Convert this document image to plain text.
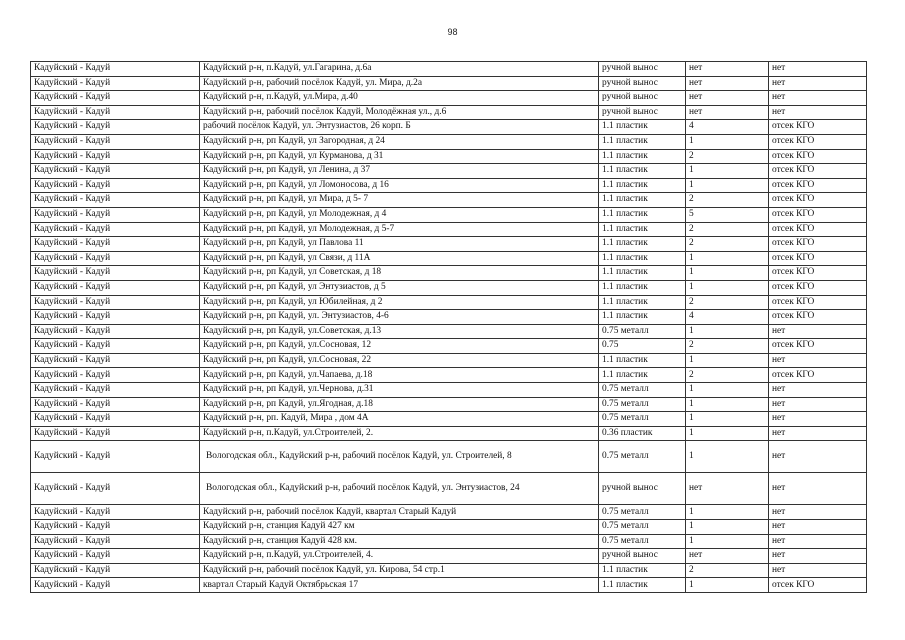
98
Кадуйский - Кадуй	Кадуйский р-н, п.Кадуй, ул.Гагарина, д.6а	ручной вынос	нет	нет
Кадуйский - Кадуй	Кадуйский р-н, рабочий посёлок Кадуй, ул. Мира, д.2а	ручной вынос	нет	нет
Кадуйский - Кадуй	Кадуйский р-н, п.Кадуй, ул.Мира, д.40	ручной вынос	нет	нет
Кадуйский - Кадуй	Кадуйский р-н, рабочий посёлок Кадуй, Молодёжная ул., д.6	ручной вынос	нет	нет
Кадуйский - Кадуй	рабочий посёлок Кадуй, ул. Энтузиастов, 26 корп. Б	1.1 пластик	4	отсек КГО
Кадуйский - Кадуй	Кадуйский р-н, рп Кадуй, ул Загородная, д 24	1.1 пластик	1	отсек КГО
Кадуйский - Кадуй	Кадуйский р-н, рп Кадуй, ул Курманова, д 31	1.1 пластик	2	отсек КГО
Кадуйский - Кадуй	Кадуйский р-н, рп Кадуй, ул Ленина, д 37	1.1 пластик	1	отсек КГО
Кадуйский - Кадуй	Кадуйский р-н, рп Кадуй, ул Ломоносова, д 16	1.1 пластик	1	отсек КГО
Кадуйский - Кадуй	Кадуйский р-н, рп Кадуй, ул Мира, д 5- 7	1.1 пластик	2	отсек КГО
Кадуйский - Кадуй	Кадуйский р-н, рп Кадуй, ул Молодежная, д 4	1.1 пластик	5	отсек КГО
Кадуйский - Кадуй	Кадуйский р-н, рп Кадуй, ул Молодежная, д 5-7	1.1 пластик	2	отсек КГО
Кадуйский - Кадуй	Кадуйский р-н, рп Кадуй, ул Павлова 11	1.1 пластик	2	отсек КГО
Кадуйский - Кадуй	Кадуйский р-н, рп Кадуй, ул Связи, д 11А	1.1 пластик	1	отсек КГО
Кадуйский - Кадуй	Кадуйский р-н, рп Кадуй, ул Советская, д 18	1.1 пластик	1	отсек КГО
Кадуйский - Кадуй	Кадуйский р-н, рп Кадуй, ул Энтузиастов, д 5	1.1 пластик	1	отсек КГО
Кадуйский - Кадуй	Кадуйский р-н, рп Кадуй, ул Юбилейная, д 2	1.1 пластик	2	отсек КГО
Кадуйский - Кадуй	Кадуйский р-н, рп Кадуй, ул. Энтузиастов, 4-6	1.1 пластик	4	отсек КГО
Кадуйский - Кадуй	Кадуйский р-н, рп Кадуй, ул.Советская, д.13	0.75 металл	1	нет
Кадуйский - Кадуй	Кадуйский р-н, рп Кадуй, ул.Сосновая, 12	0.75	2	отсек КГО
Кадуйский - Кадуй	Кадуйский р-н, рп Кадуй, ул.Сосновая, 22	1.1 пластик	1	нет
Кадуйский - Кадуй	Кадуйский р-н, рп Кадуй, ул.Чапаева, д.18	1.1 пластик	2	отсек КГО
Кадуйский - Кадуй	Кадуйский р-н, рп Кадуй, ул.Чернова, д.31	0.75 металл	1	нет
Кадуйский - Кадуй	Кадуйский р-н, рп Кадуй, ул.Ягодная, д.18	0.75 металл	1	нет
Кадуйский - Кадуй	Кадуйский р-н, рп. Кадуй, Мира , дом 4А	0.75 металл	1	нет
Кадуйский - Кадуй	Кадуйский р-н, п.Кадуй, ул.Строителей, 2.	0.36 пластик	1	нет
Кадуйский - Кадуй	Вологодская обл., Кадуйский р-н, рабочий посёлок Кадуй, ул. Строителей, 8	0.75 металл	1	нет
Кадуйский - Кадуй	Вологодская обл., Кадуйский р-н, рабочий посёлок Кадуй, ул. Энтузиастов, 24	ручной вынос	нет	нет
Кадуйский - Кадуй	Кадуйский р-н, рабочий посёлок Кадуй, квартал Старый Кадуй	0.75 металл	1	нет
Кадуйский - Кадуй	Кадуйский р-н, станция Кадуй 427 км	0.75 металл	1	нет
Кадуйский - Кадуй	Кадуйский р-н, станция Кадуй 428 км.	0.75 металл	1	нет
Кадуйский - Кадуй	Кадуйский р-н, п.Кадуй, ул.Строителей, 4.	ручной вынос	нет	нет
Кадуйский - Кадуй	Кадуйский р-н, рабочий посёлок Кадуй, ул. Кирова, 54 стр.1	1.1 пластик	2	нет
Кадуйский - Кадуй	квартал Старый Кадуй Октябрьская 17	1.1 пластик	1	отсек КГО
